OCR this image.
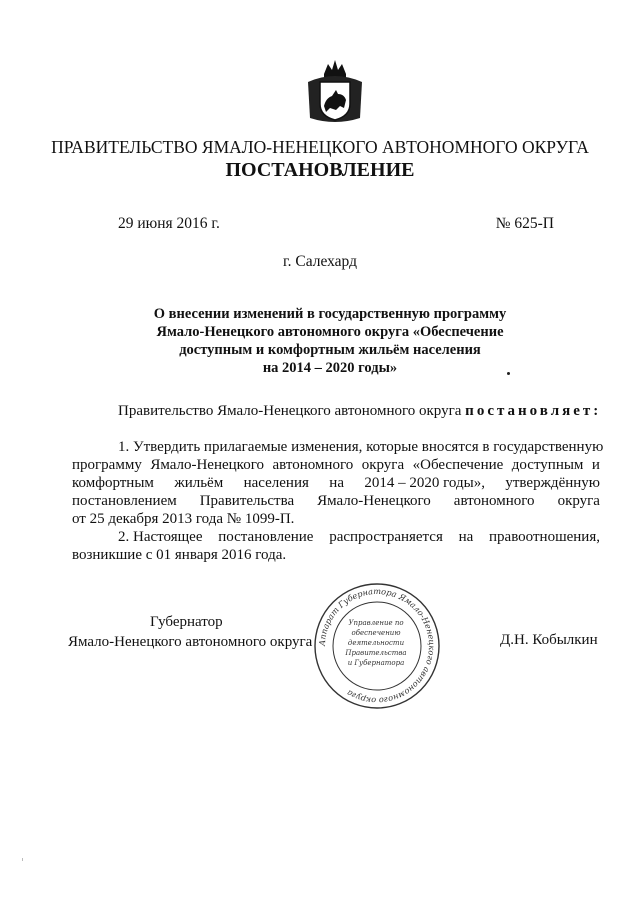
ПРАВИТЕЛЬСТВО ЯМАЛО-НЕНЕЦКОГО АВТОНОМНОГО ОКРУГА
ПОСТАНОВЛЕНИЕ
29 июня 2016 г.	№ 625-П
г. Салехард
О внесении изменений в государственную программу
Ямало-Ненецкого автономного округа «Обеспечение
доступным и комфортным жильём населения
на 2014 – 2020 годы»
Правительство Ямало-Ненецкого автономного округа постановляет:
1. Утвердить прилагаемые изменения, которые вносятся в государственную
программу Ямало-Ненецкого автономного округа «Обеспечение доступным и
комфортным жильём населения на 2014 – 2020 годы», утверждённую
постановлением Правительства Ямало-Ненецкого автономного округа
от 25 декабря 2013 года № 1099-П.
2. Настоящее постановление распространяется на правоотношения,
возникшие с 01 января 2016 года.
Губернатор
Ямало-Ненецкого автономного округа	Д.Н. Кобылкин
Аппарат Губернатора Ямало-Ненецкого автономного округа
Управление по
обеспечению
деятельности
Правительства
и Губернатора
